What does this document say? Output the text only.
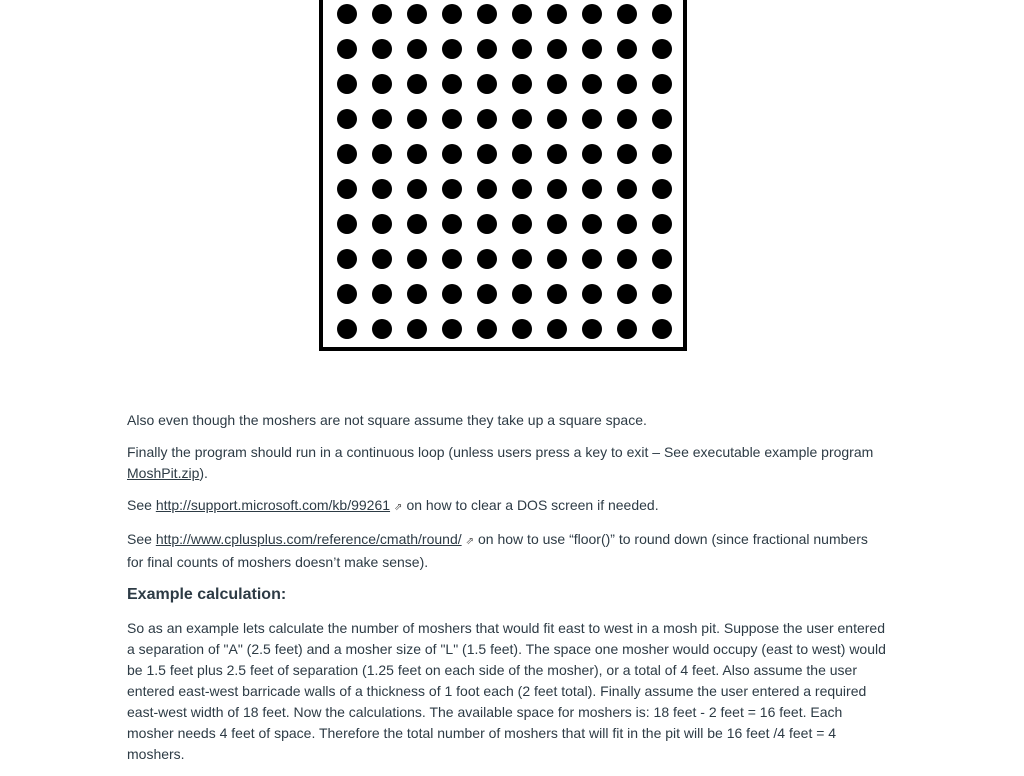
Also even though the moshers are not square assume they take up a square space.

Finally the program should run in a continuous loop (unless users press a key to exit – See executable example program MoshPit.zip).

See http://support.microsoft.com/kb/99261 ⇗ on how to clear a DOS screen if needed.

See http://www.cplusplus.com/reference/cmath/round/ ⇗ on how to use “floor()” to round down (since fractional numbers for final counts of moshers doesn’t make sense).

Example calculation:

So as an example lets calculate the number of moshers that would fit east to west in a mosh pit. Suppose the user entered a separation of "A" (2.5 feet) and a mosher size of "L" (1.5 feet). The space one mosher would occupy (east to west) would be 1.5 feet plus 2.5 feet of separation (1.25 feet on each side of the mosher), or a total of 4 feet. Also assume the user entered east-west barricade walls of a thickness of 1 foot each (2 feet total). Finally assume the user entered a required east-west width of 18 feet. Now the calculations. The available space for moshers is: 18 feet - 2 feet = 16 feet. Each mosher needs 4 feet of space. Therefore the total number of moshers that will fit in the pit will be 16 feet /4 feet = 4 moshers.
